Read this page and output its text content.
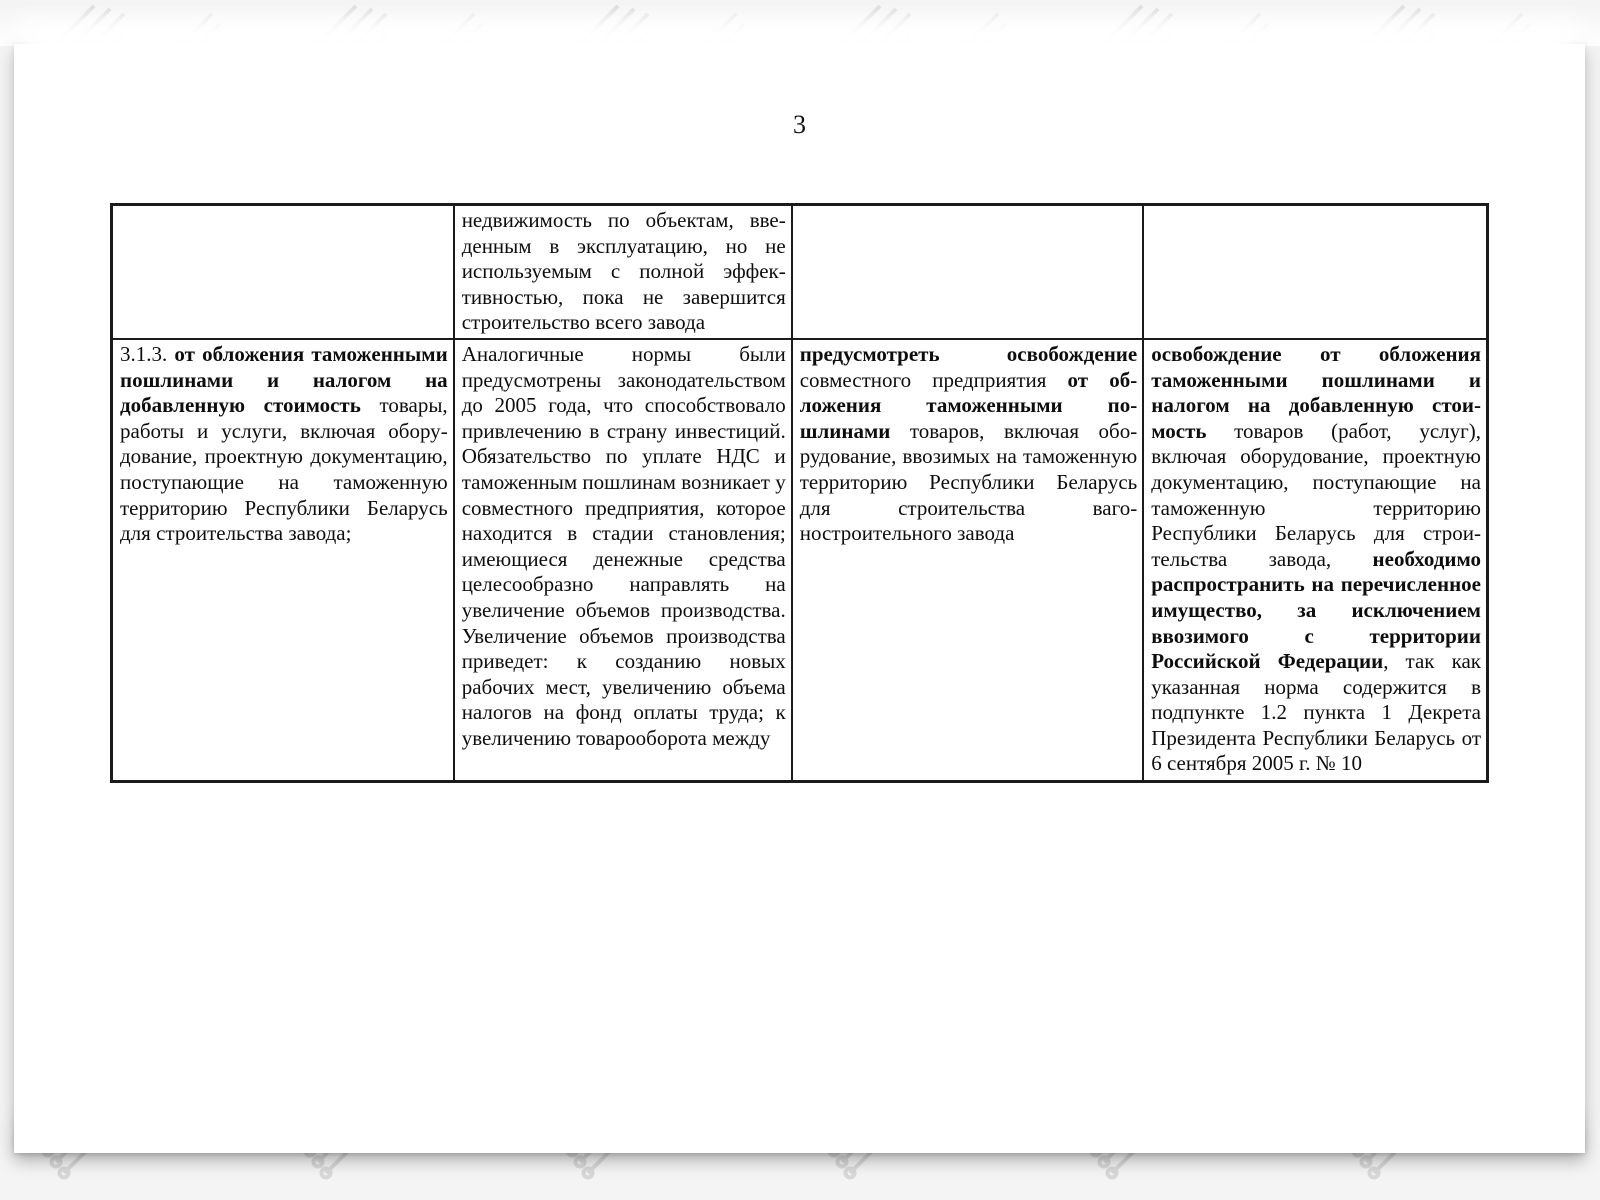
3
	недвижимость по объектам, введенным в эксплуатацию, но не используемым с полной эффективностью, пока не завершится строительство всего завода		
3.1.3. от обложения таможенными пошлинами и налогом на добавленную стоимость товары, работы и услуги, включая оборудование, проектную документацию, поступающие на таможенную территорию Республики Беларусь для строительства завода;	Аналогичные нормы были предусмотрены законодательством до 2005 года, что способствовало привлечению в страну инвестиций. Обязательство по уплате НДС и таможенным пошлинам возникает у совместного предприятия, которое находится в стадии становления; имеющиеся денежные средства целесообразно направлять на увеличение объемов производства. Увеличение объемов производства приведет: к созданию новых рабочих мест, увеличению объема налогов на фонд оплаты труда; к увеличению товарооборота между	предусмотреть освобождение совместного предприятия от обложения таможенными пошлинами товаров, включая оборудование, ввозимых на таможенную территорию Республики Беларусь для строительства вагоностроительного завода	освобождение от обложения таможенными пошлинами и налогом на добавленную стоимость товаров (работ, услуг), включая оборудование, проектную документацию, поступающие на таможенную территорию Республики Беларусь для строительства завода, необходимо распространить на перечисленное имущество, за исключением ввозимого с территории Российской Федерации, так как указанная норма содержится в подпункте 1.2 пункта 1 Декрета Президента Республики Беларусь от 6 сентября 2005 г. № 10
